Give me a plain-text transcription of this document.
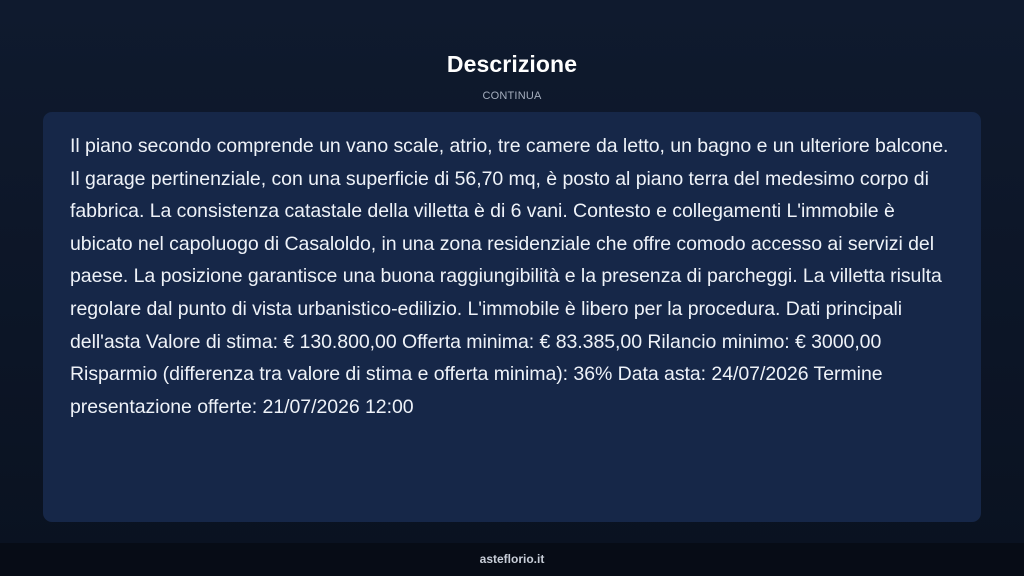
Descrizione
CONTINUA

Il piano secondo comprende un vano scale, atrio, tre camere da letto, un bagno e un ulteriore balcone. Il garage pertinenziale, con una superficie di 56,70 mq, è posto al piano terra del medesimo corpo di fabbrica. La consistenza catastale della villetta è di 6 vani. Contesto e collegamenti L'immobile è ubicato nel capoluogo di Casaloldo, in una zona residenziale che offre comodo accesso ai servizi del paese. La posizione garantisce una buona raggiungibilità e la presenza di parcheggi. La villetta risulta regolare dal punto di vista urbanistico-edilizio. L'immobile è libero per la procedura. Dati principali dell'asta Valore di stima: € 130.800,00 Offerta minima: € 83.385,00 Rilancio minimo: € 3000,00 Risparmio (differenza tra valore di stima e offerta minima): 36% Data asta: 24/07/2026 Termine presentazione offerte: 21/07/2026 12:00

asteflorio.it
